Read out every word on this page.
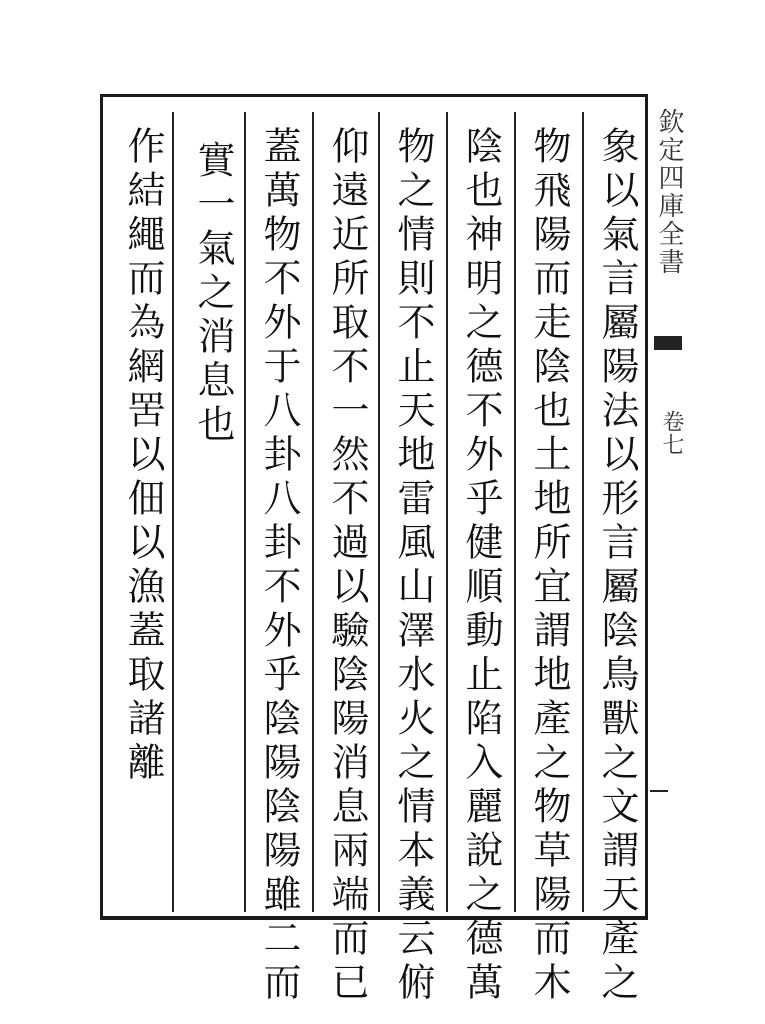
欽定四庫全書
卷七
象以氣言屬陽法以形言屬陰鳥獸之文謂天產之
物飛陽而走陰也土地所宜謂地產之物草陽而木
陰也神明之德不外乎健順動止陷入麗說之德萬
物之情則不止天地雷風山澤水火之情本義云俯
仰遠近所取不一然不過以驗陰陽消息兩端而已
蓋萬物不外于八卦八卦不外乎陰陽陰陽雖二而
實一氣之消息也
作結繩而為網罟以佃以漁蓋取諸離
